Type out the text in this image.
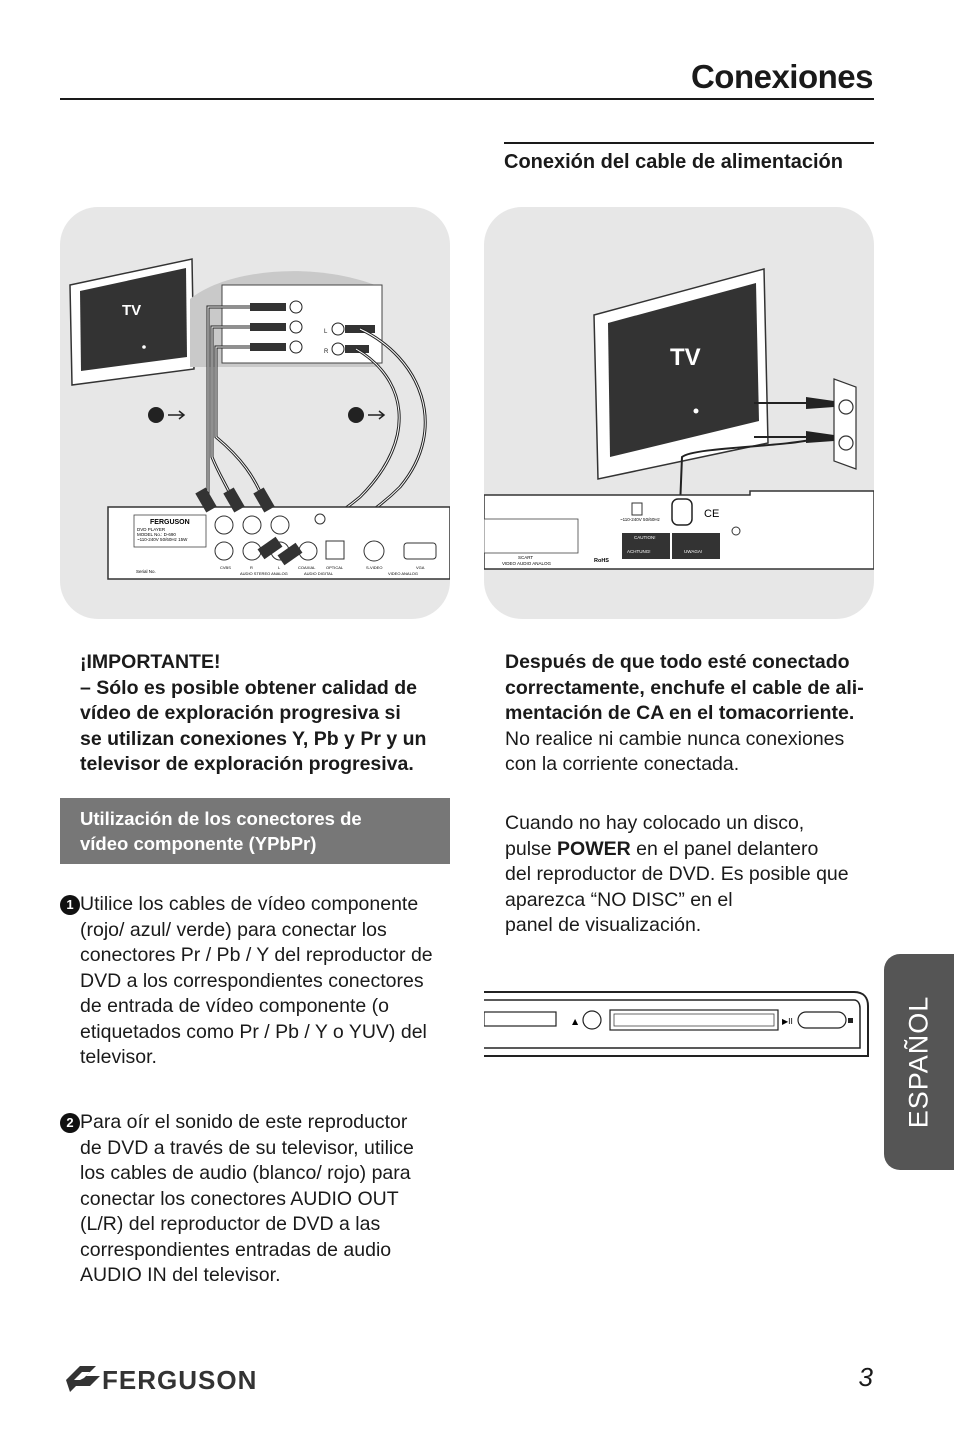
Conexiones
Conexión del cable de alimentación
TV
L
R
FERGUSON
DVD PLAYER
MODEL No.: D-690
~110-240V 50/60Hz 15W
Serial No.
CVBS	R	L	COAXIAL	OPTICAL	S-VIDEO	VGA
AUDIO STEREO ANALOG	AUDIO DIGITAL	VIDEO ANALOG
TV
SCART
VIDEO AUDIO ANALOG
~110-240V 50/60Hz	CE
CAUTION!
ACHTUNG!	UWAGA!
RoHS
¡IMPORTANTE!
– Sólo es posible obtener calidad de
vídeo de exploración progresiva si
se utilizan conexiones Y, Pb y Pr y un
televisor de exploración progresiva.
Utilización de los conectores de
vídeo componente (YPbPr)
1 Utilice los cables de vídeo componente
(rojo/ azul/ verde) para conectar los
conectores Pr / Pb / Y del reproductor de
DVD a los correspondientes conectores
de entrada de vídeo componente (o
etiquetados como Pr / Pb / Y o YUV) del
televisor.
2 Para oír el sonido de este reproductor
de DVD a través de su televisor, utilice
los cables de audio (blanco/ rojo) para
conectar los conectores AUDIO OUT
(L/R) del reproductor de DVD a las
correspondientes entradas de audio
AUDIO IN del televisor.
Después de que todo esté conectado
correctamente, enchufe el cable de ali-
mentación de CA en el tomacorriente.
No realice ni cambie nunca conexiones
con la corriente conectada.
Cuando no hay colocado un disco,
pulse POWER en el panel delantero
del reproductor de DVD. Es posible que
aparezca “NO DISC” en el
panel de visualización.
▲	▶II	ESPAÑOL
FERGUSON	3
